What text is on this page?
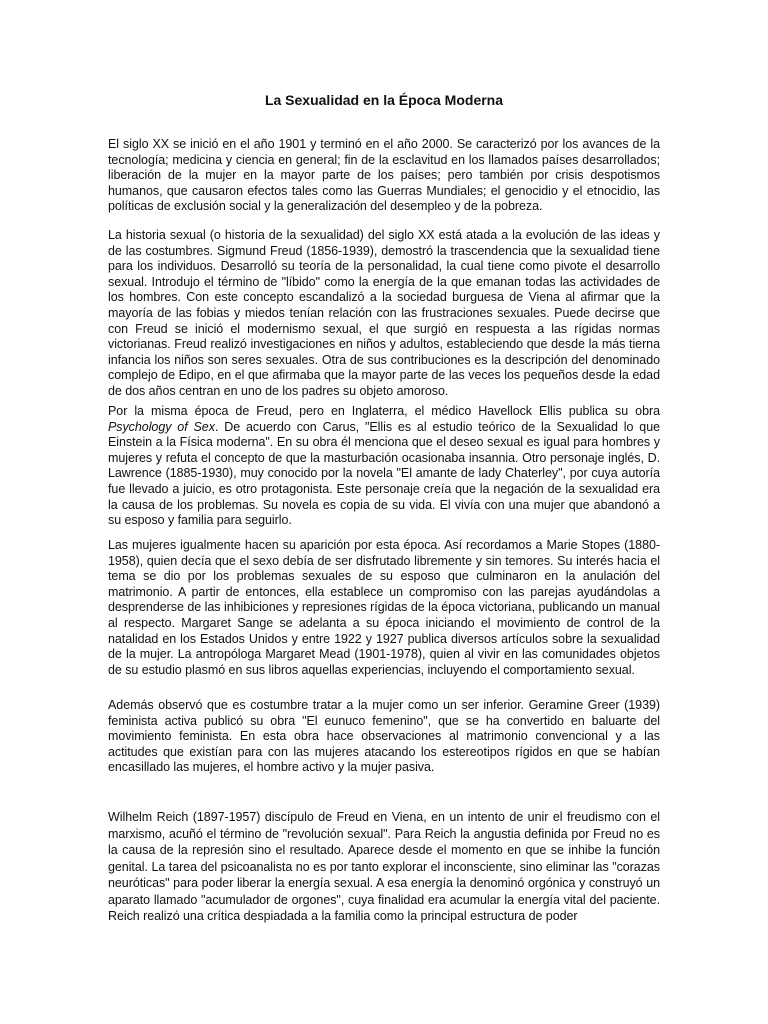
La Sexualidad en la Época Moderna

El siglo XX se inició en el año 1901 y terminó en el año 2000. Se caracterizó por los avances de la tecnología; medicina y ciencia en general; fin de la esclavitud en los llamados países desarrollados; liberación de la mujer en la mayor parte de los países; pero también por crisis despotismos humanos, que causaron efectos tales como las Guerras Mundiales; el genocidio y el etnocidio, las políticas de exclusión social y la generalización del desempleo y de la pobreza.

La historia sexual (o historia de la sexualidad) del siglo XX está atada a la evolución de las ideas y de las costumbres. Sigmund Freud (1856-1939), demostró la trascendencia que la sexualidad tiene para los individuos. Desarrolló su teoría de la personalidad, la cual tiene como pivote el desarrollo sexual. Introdujo el término de "líbido" como la energía de la que emanan todas las actividades de los hombres. Con este concepto escandalizó a la sociedad burguesa de Viena al afirmar que la mayoría de las fobias y miedos tenían relación con las frustraciones sexuales. Puede decirse que con Freud se inició el modernismo sexual, el que surgió en respuesta a las rígidas normas victorianas. Freud realizó investigaciones en niños y adultos, estableciendo que desde la más tierna infancia los niños son seres sexuales. Otra de sus contribuciones es la descripción del denominado complejo de Edipo, en el que afirmaba que la mayor parte de las veces los pequeños desde la edad de dos años centran en uno de los padres su objeto amoroso.

Por la misma época de Freud, pero en Inglaterra, el médico Havellock Ellis publica su obra Psychology of Sex. De acuerdo con Carus, "Ellis es al estudio teórico de la Sexualidad lo que Einstein a la Física moderna". En su obra él menciona que el deseo sexual es igual para hombres y mujeres y refuta el concepto de que la masturbación ocasionaba insannia. Otro personaje inglés, D. Lawrence (1885-1930), muy conocido por la novela "El amante de lady Chaterley", por cuya autoría fue llevado a juicio, es otro protagonista. Este personaje creía que la negación de la sexualidad era la causa de los problemas. Su novela es copia de su vida. El vivía con una mujer que abandonó a su esposo y familia para seguirlo.

Las mujeres igualmente hacen su aparición por esta época. Así recordamos a Marie Stopes (1880-1958), quien decía que el sexo debía de ser disfrutado libremente y sin temores. Su interés hacia el tema se dio por los problemas sexuales de su esposo que culminaron en la anulación del matrimonio. A partir de entonces, ella establece un compromiso con las parejas ayudándolas a desprenderse de las inhibiciones y represiones rígidas de la época victoriana, publicando un manual al respecto. Margaret Sange se adelanta a su época iniciando el movimiento de control de la natalidad en los Estados Unidos y entre 1922 y 1927 publica diversos artículos sobre la sexualidad de la mujer. La antropóloga Margaret Mead (1901-1978), quien al vivir en las comunidades objetos de su estudio plasmó en sus libros aquellas experiencias, incluyendo el comportamiento sexual.

Además observó que es costumbre tratar a la mujer como un ser inferior. Geramine Greer (1939) feminista activa publicó su obra "El eunuco femenino", que se ha convertido en baluarte del movimiento feminista. En esta obra hace observaciones al matrimonio convencional y a las actitudes que existían para con las mujeres atacando los estereotipos rígidos en que se habían encasillado las mujeres, el hombre activo y la mujer pasiva.

Wilhelm Reich (1897-1957) discípulo de Freud en Viena, en un intento de unir el freudismo con el marxismo, acuñó el término de "revolución sexual". Para Reich la angustia definida por Freud no es la causa de la represión sino el resultado. Aparece desde el momento en que se inhibe la función genital. La tarea del psicoanalista no es por tanto explorar el inconsciente, sino eliminar las "corazas neuróticas" para poder liberar la energía sexual. A esa energía la denominó orgónica y construyó un aparato llamado "acumulador de orgones", cuya finalidad era acumular la energía vital del paciente. Reich realizó una crítica despiadada a la familia como la principal estructura de poder
